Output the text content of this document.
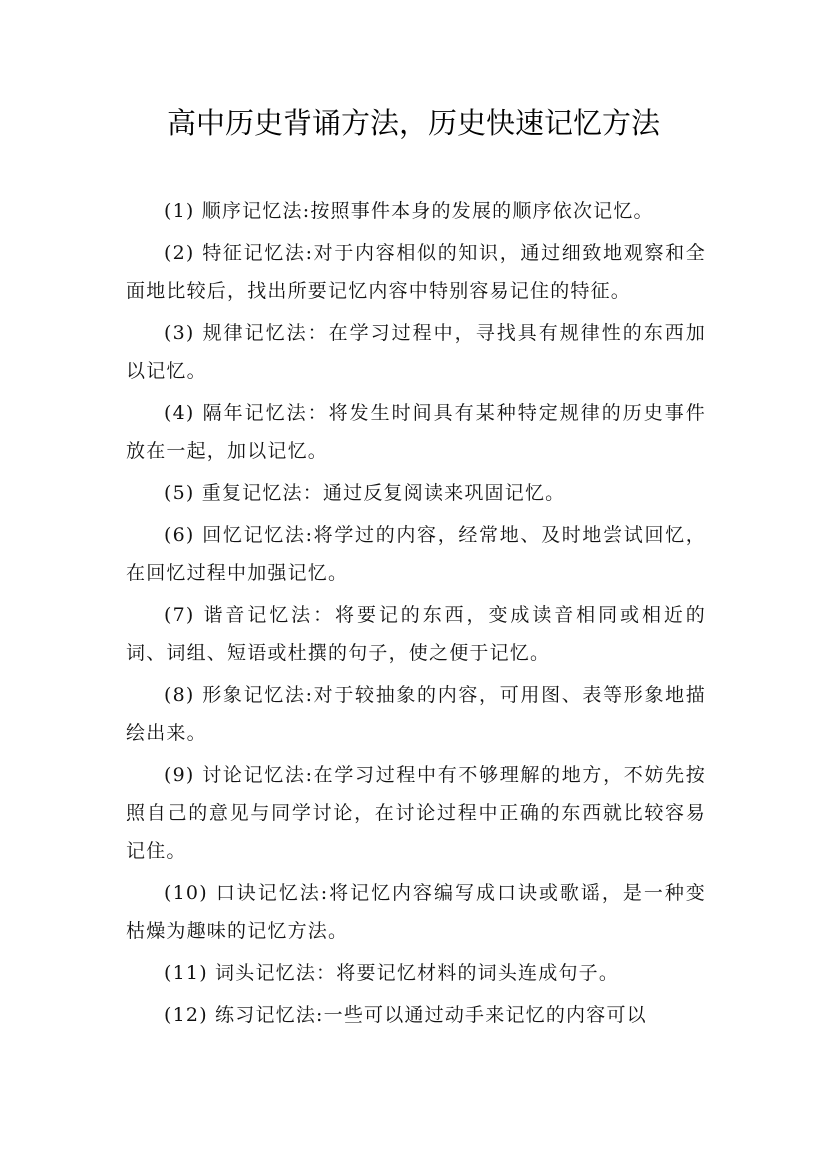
高中历史背诵方法，历史快速记忆方法

(1) 顺序记忆法:按照事件本身的发展的顺序依次记忆。

(2) 特征记忆法:对于内容相似的知识，通过细致地观察和全面地比较后，找出所要记忆内容中特别容易记住的特征。

(3) 规律记忆法：在学习过程中，寻找具有规律性的东西加以记忆。

(4) 隔年记忆法：将发生时间具有某种特定规律的历史事件放在一起，加以记忆。

(5) 重复记忆法：通过反复阅读来巩固记忆。

(6) 回忆记忆法:将学过的内容，经常地、及时地尝试回忆，在回忆过程中加强记忆。

(7) 谐音记忆法：将要记的东西，变成读音相同或相近的词、词组、短语或杜撰的句子，使之便于记忆。

(8) 形象记忆法:对于较抽象的内容，可用图、表等形象地描绘出来。

(9) 讨论记忆法:在学习过程中有不够理解的地方，不妨先按照自己的意见与同学讨论，在讨论过程中正确的东西就比较容易记住。

(10) 口诀记忆法:将记忆内容编写成口诀或歌谣，是一种变枯燥为趣味的记忆方法。

(11) 词头记忆法：将要记忆材料的词头连成句子。

(12) 练习记忆法:一些可以通过动手来记忆的内容可以
